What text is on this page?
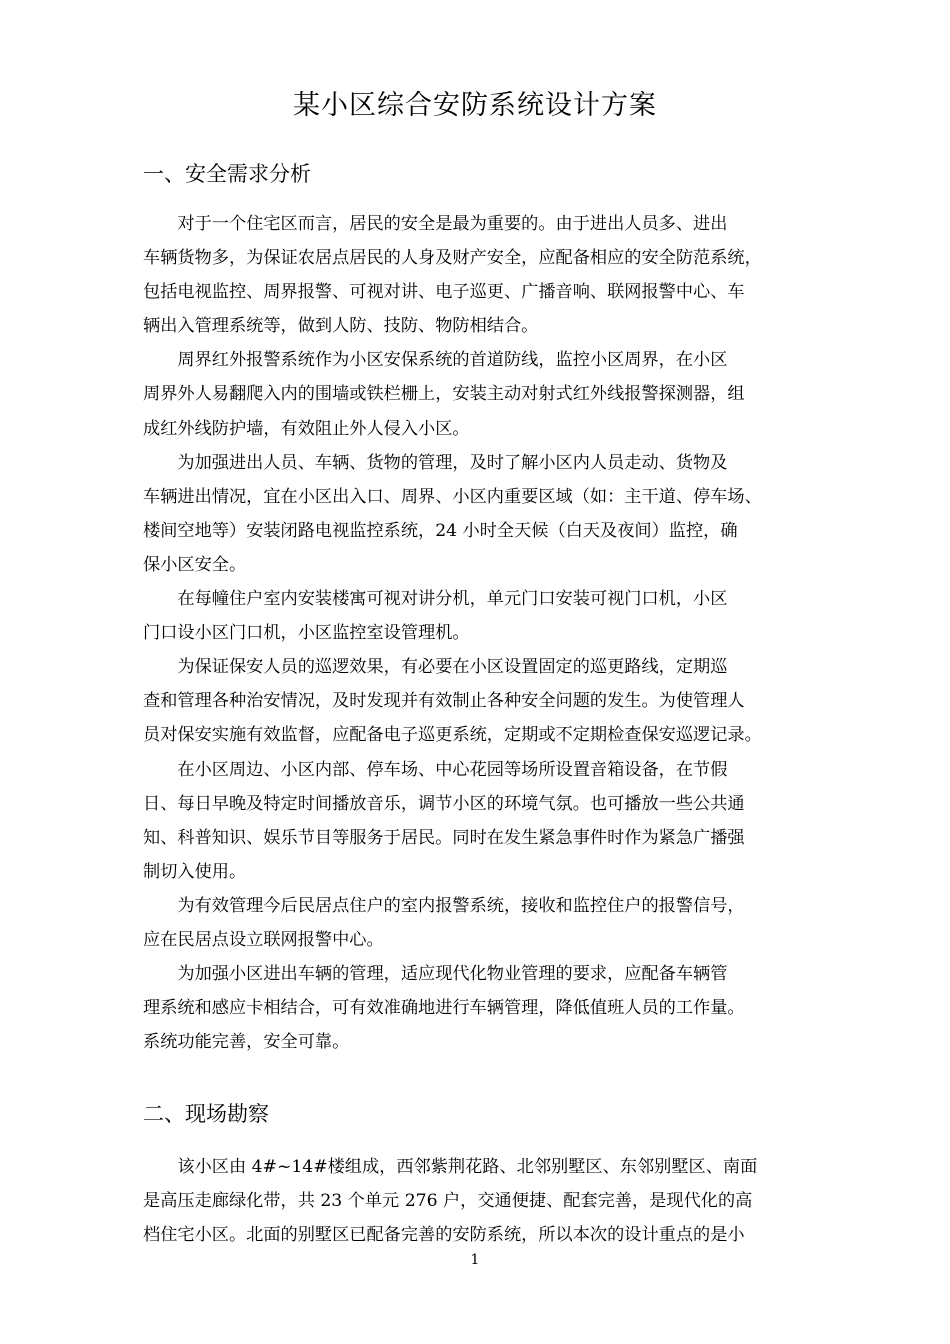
某小区综合安防系统设计方案
一、安全需求分析

对于一个住宅区而言，居民的安全是最为重要的。由于进出人员多、进出
车辆货物多，为保证农居点居民的人身及财产安全，应配备相应的安全防范系统，
包括电视监控、周界报警、可视对讲、电子巡更、广播音响、联网报警中心、车
辆出入管理系统等，做到人防、技防、物防相结合。

周界红外报警系统作为小区安保系统的首道防线，监控小区周界，在小区
周界外人易翻爬入内的围墙或铁栏栅上，安装主动对射式红外线报警探测器，组
成红外线防护墙，有效阻止外人侵入小区。

为加强进出人员、车辆、货物的管理，及时了解小区内人员走动、货物及
车辆进出情况，宜在小区出入口、周界、小区内重要区域（如：主干道、停车场、
楼间空地等）安装闭路电视监控系统，24 小时全天候（白天及夜间）监控，确
保小区安全。

在每幢住户室内安装楼寓可视对讲分机，单元门口安装可视门口机，小区
门口设小区门口机，小区监控室设管理机。

为保证保安人员的巡逻效果，有必要在小区设置固定的巡更路线，定期巡
查和管理各种治安情况，及时发现并有效制止各种安全问题的发生。为使管理人
员对保安实施有效监督，应配备电子巡更系统，定期或不定期检查保安巡逻记录。

在小区周边、小区内部、停车场、中心花园等场所设置音箱设备，在节假
日、每日早晚及特定时间播放音乐，调节小区的环境气氛。也可播放一些公共通
知、科普知识、娱乐节目等服务于居民。同时在发生紧急事件时作为紧急广播强
制切入使用。

为有效管理今后民居点住户的室内报警系统，接收和监控住户的报警信号，
应在民居点设立联网报警中心。

为加强小区进出车辆的管理，适应现代化物业管理的要求，应配备车辆管
理系统和感应卡相结合，可有效准确地进行车辆管理，降低值班人员的工作量。
系统功能完善，安全可靠。

二、现场勘察

该小区由 4#~14#楼组成，西邻紫荆花路、北邻别墅区、东邻别墅区、南面
是高压走廊绿化带，共 23 个单元 276 户，交通便捷、配套完善，是现代化的高
档住宅小区。北面的别墅区已配备完善的安防系统，所以本次的设计重点的是小

1
